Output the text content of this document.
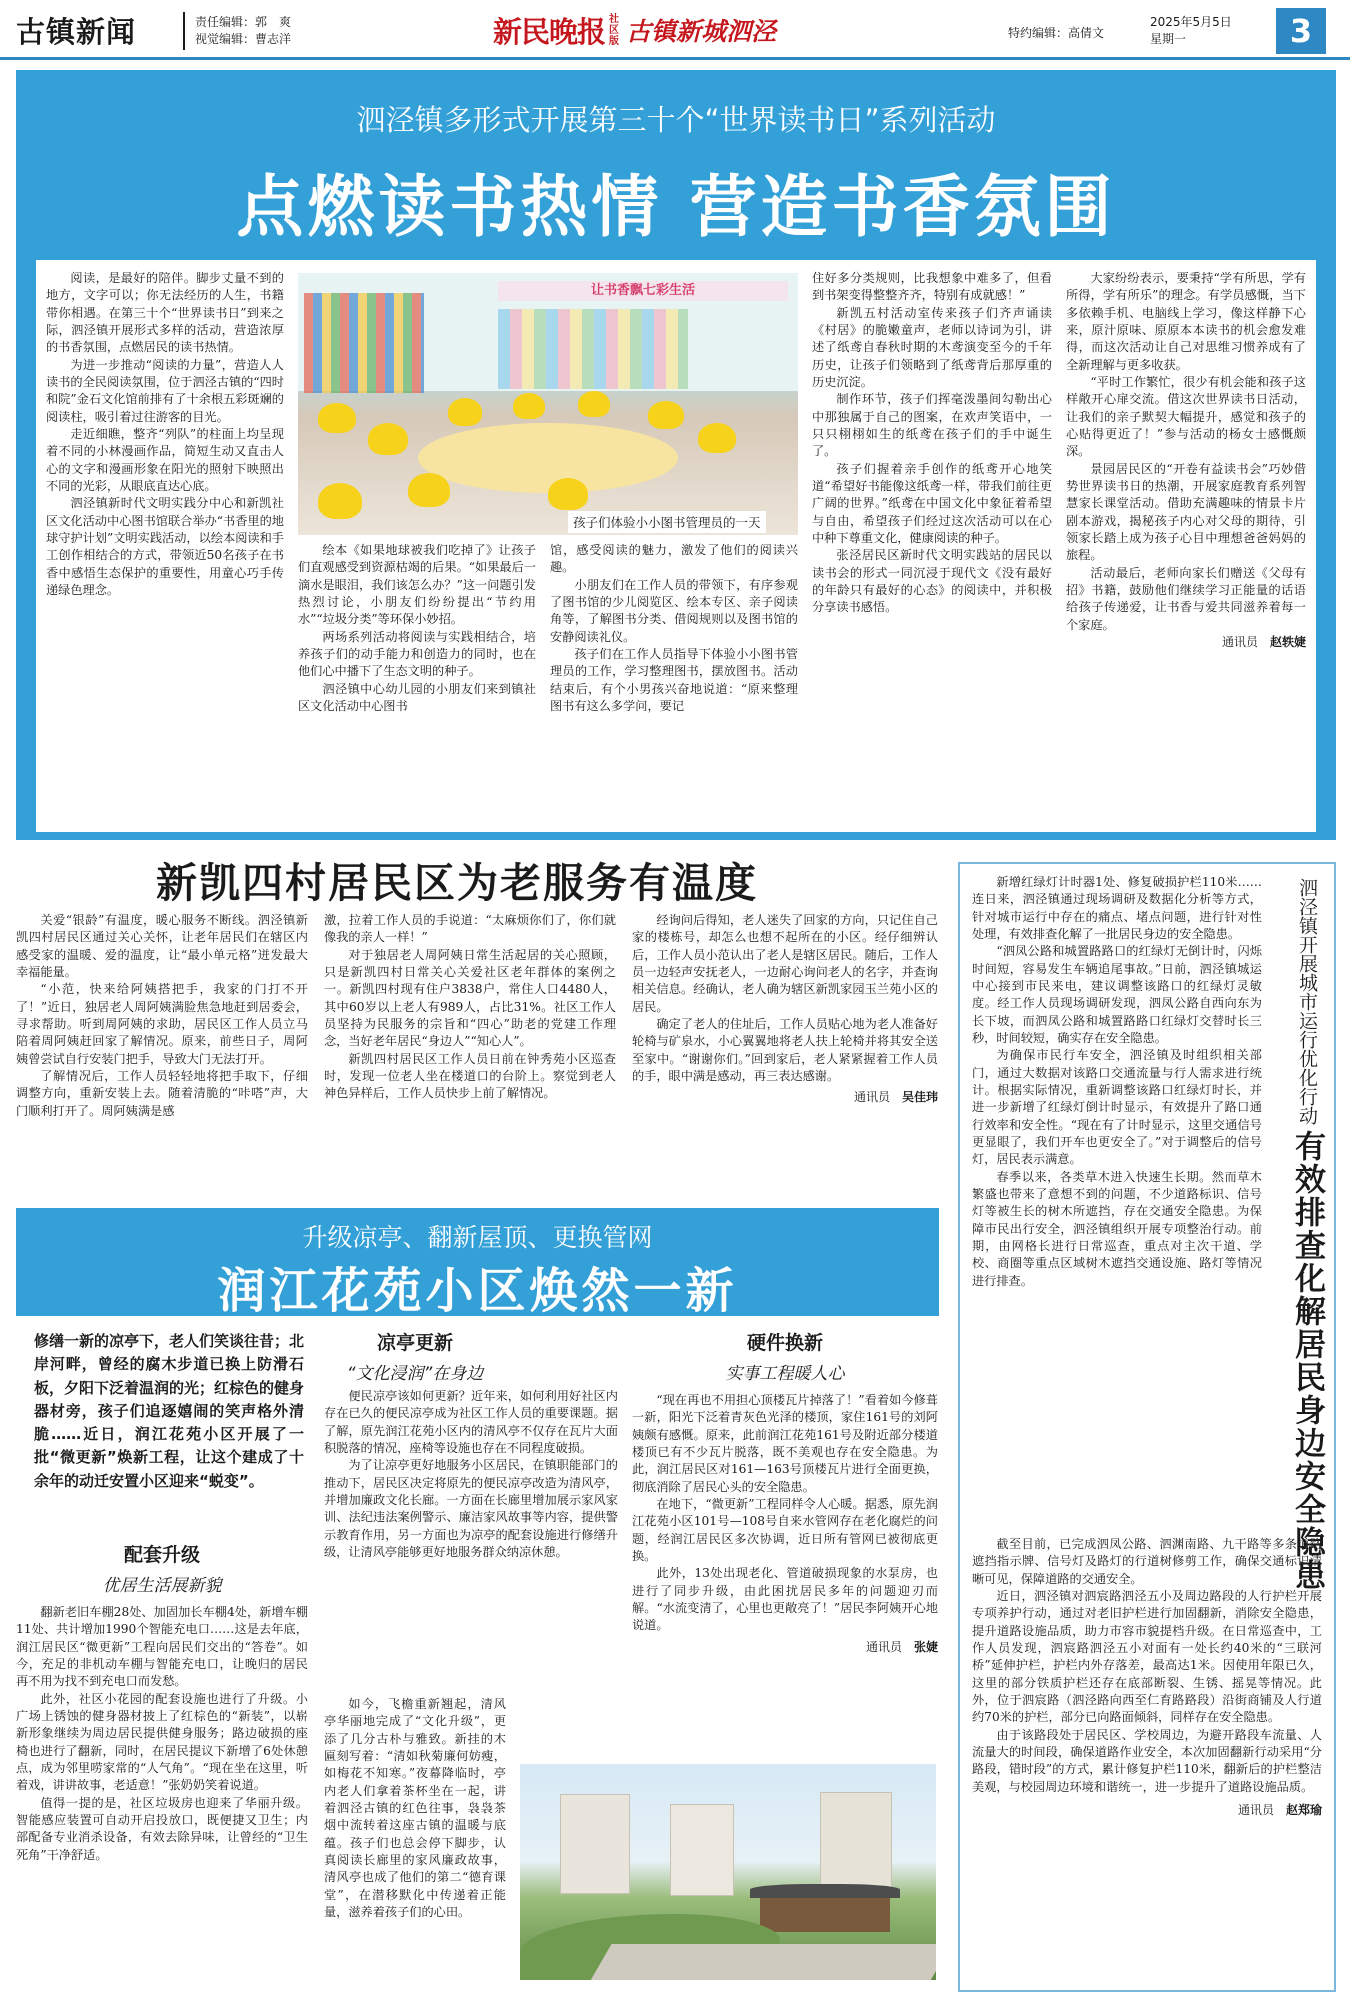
古镇新闻	责任编辑：郭　爽
视觉编辑：曹志洋	新民晚报 社区版 古镇新城泗泾	特约编辑：高倩文
2025年5月5日
星期一	3
泗泾镇多形式开展第三十个“世界读书日”系列活动
点燃读书热情 营造书香氛围

阅读，是最好的陪伴。脚步丈量不到的地方，文字可以；你无法经历的人生，书籍带你相遇。在第三十个“世界读书日”到来之际，泗泾镇开展形式多样的活动，营造浓厚的书香氛围，点燃居民的读书热情。

为进一步推动“阅读的力量”，营造人人读书的全民阅读氛围，位于泗泾古镇的“四时和院”金石文化馆前排有了十余根五彩斑斓的阅读柱，吸引着过往游客的目光。

走近细瞧，整齐“列队”的柱面上均呈现着不同的小林漫画作品，简短生动又直击人心的文字和漫画形象在阳光的照射下映照出不同的光彩，从眼底直达心底。

泗泾镇新时代文明实践分中心和新凯社区文化活动中心图书馆联合举办“书香里的地球守护计划”文明实践活动，以绘本阅读和手工创作相结合的方式，带领近50名孩子在书香中感悟生态保护的重要性，用童心巧手传递绿色理念。

让书香飘七彩生活
孩子们体验小小图书管理员的一天

绘本《如果地球被我们吃掉了》让孩子们直观感受到资源枯竭的后果。“如果最后一滴水是眼泪，我们该怎么办？”这一问题引发热烈讨论，小朋友们纷纷提出“节约用水”“垃圾分类”等环保小妙招。

两场系列活动将阅读与实践相结合，培养孩子们的动手能力和创造力的同时，也在他们心中播下了生态文明的种子。

泗泾镇中心幼儿园的小朋友们来到镇社区文化活动中心图书

馆，感受阅读的魅力，激发了他们的阅读兴趣。

小朋友们在工作人员的带领下，有序参观了图书馆的少儿阅览区、绘本专区、亲子阅读角等，了解图书分类、借阅规则以及图书馆的安静阅读礼仪。

孩子们在工作人员指导下体验小小图书管理员的工作，学习整理图书，摆放图书。活动结束后，有个小男孩兴奋地说道：“原来整理图书有这么多学问，要记

住好多分类规则，比我想象中难多了，但看到书架变得整整齐齐，特别有成就感！”

新凯五村活动室传来孩子们齐声诵读《村居》的脆嫩童声，老师以诗词为引，讲述了纸鸢自春秋时期的木鸢演变至今的千年历史，让孩子们领略到了纸鸢背后那厚重的历史沉淀。

制作环节，孩子们挥毫泼墨间勾勒出心中那独属于自己的图案，在欢声笑语中，一只只栩栩如生的纸鸢在孩子们的手中诞生了。

孩子们握着亲手创作的纸鸢开心地笑道“希望好书能像这纸鸢一样，带我们前往更广阔的世界。”纸鸢在中国文化中象征着希望与自由，希望孩子们经过这次活动可以在心中种下尊重文化，健康阅读的种子。

张泾居民区新时代文明实践站的居民以读书会的形式一同沉浸于现代文《没有最好的年龄只有最好的心态》的阅读中，并积极分享读书感悟。

大家纷纷表示，要秉持“学有所思，学有所得，学有所乐”的理念。有学员感慨，当下多依赖手机、电脑线上学习，像这样静下心来，原汁原味、原原本本读书的机会愈发难得，而这次活动让自己对思维习惯养成有了全新理解与更多收获。

“平时工作繁忙，很少有机会能和孩子这样敞开心扉交流。借这次世界读书日活动，让我们的亲子默契大幅提升，感觉和孩子的心贴得更近了！”参与活动的杨女士感慨颇深。

景园居民区的“开卷有益读书会”巧妙借势世界读书日的热潮，开展家庭教育系列智慧家长课堂活动。借助充满趣味的情景卡片剧本游戏，揭秘孩子内心对父母的期待，引领家长踏上成为孩子心目中理想爸爸妈妈的旅程。

活动最后，老师向家长们赠送《父母有招》书籍，鼓励他们继续学习正能量的话语给孩子传递爱，让书香与爱共同滋养着每一个家庭。

通讯员　 赵轶婕
新凯四村居民区为老服务有温度

关爱“银龄”有温度，暖心服务不断线。泗泾镇新凯四村居民区通过关心关怀，让老年居民们在辖区内感受家的温暖、爱的温度，让“最小单元格”迸发最大幸福能量。

“小范，快来给阿姨搭把手，我家的门打不开了！”近日，独居老人周阿姨满脸焦急地赶到居委会，寻求帮助。听到周阿姨的求助，居民区工作人员立马陪着周阿姨赶回家了解情况。原来，前些日子，周阿姨曾尝试自行安装门把手，导致大门无法打开。

了解情况后，工作人员轻轻地将把手取下，仔细调整方向，重新安装上去。随着清脆的“咔嗒”声，大门顺利打开了。周阿姨满是感

激，拉着工作人员的手说道：“太麻烦你们了，你们就像我的亲人一样！”

对于独居老人周阿姨日常生活起居的关心照顾，只是新凯四村日常关心关爱社区老年群体的案例之一。新凯四村现有住户3838户，常住人口4480人，其中60岁以上老人有989人，占比31%。社区工作人员坚持为民服务的宗旨和“四心”助老的党建工作理念，当好老年居民“身边人”“知心人”。

新凯四村居民区工作人员日前在钟秀苑小区巡查时，发现一位老人坐在楼道口的台阶上。察觉到老人神色异样后，工作人员快步上前了解情况。

经询问后得知，老人迷失了回家的方向，只记住自己家的楼栋号，却怎么也想不起所在的小区。经仔细辨认后，工作人员小范认出了老人是辖区居民。随后，工作人员一边轻声安抚老人，一边耐心询问老人的名字，并查询相关信息。经确认，老人确为辖区新凯家园玉兰苑小区的居民。

确定了老人的住址后，工作人员贴心地为老人准备好轮椅与矿泉水，小心翼翼地将老人扶上轮椅并将其安全送至家中。“谢谢你们。”回到家后，老人紧紧握着工作人员的手，眼中满是感动，再三表达感谢。

通讯员　 吴佳玮	泗泾镇开展城市运行优化行动 有效排查化解居民身边安全隐患

新增红绿灯计时器1处、修复破损护栏110米……连日来，泗泾镇通过现场调研及数据化分析等方式，针对城市运行中存在的痛点、堵点问题，进行针对性处理，有效排查化解了一批居民身边的安全隐患。

“泗凤公路和城置路路口的红绿灯无倒计时，闪烁时间短，容易发生车辆追尾事故。”日前，泗泾镇城运中心接到市民来电，建议调整该路口的红绿灯灵敏度。经工作人员现场调研发现，泗凤公路自西向东为长下坡，而泗凤公路和城置路路口红绿灯交替时长三秒，时间较短，确实存在安全隐患。

为确保市民行车安全，泗泾镇及时组织相关部门，通过大数据对该路口交通流量与行人需求进行统计。根据实际情况，重新调整该路口红绿灯时长，并进一步新增了红绿灯倒计时显示，有效提升了路口通行效率和安全性。“现在有了计时显示，这里交通信号更显眼了，我们开车也更安全了。”对于调整后的信号灯，居民表示满意。

春季以来，各类草木进入快速生长期。然而草木繁盛也带来了意想不到的问题，不少道路标识、信号灯等被生长的树木所遮挡，存在交通安全隐患。为保障市民出行安全，泗泾镇组织开展专项整治行动。前期，由网格长进行日常巡查，重点对主次干道、学校、商圈等重点区域树木遮挡交通设施、路灯等情况进行排查。

截至目前，已完成泗凤公路、泗渊南路、九干路等多条道路遮挡指示牌、信号灯及路灯的行道树修剪工作，确保交通标识清晰可见，保障道路的交通安全。

近日，泗泾镇对泗宸路泗泾五小及周边路段的人行护栏开展专项养护行动，通过对老旧护栏进行加固翻新，消除安全隐患，提升道路设施品质，助力市容市貌提档升级。在日常巡查中，工作人员发现，泗宸路泗泾五小对面有一处长约40米的“三联河桥”延伸护栏，护栏内外存落差，最高达1米。因使用年限已久，这里的部分铁质护栏还存在底部断裂、生锈、摇晃等情况。此外，位于泗宸路（泗泾路向西至仁育路路段）沿街商铺及人行道约70米的护栏，部分已向路面倾斜，同样存在安全隐患。

由于该路段处于居民区、学校周边，为避开路段车流量、人流量大的时间段，确保道路作业安全，本次加固翻新行动采用“分路段，错时段”的方式，累计修复护栏110米，翻新后的护栏整洁美观，与校园周边环境和谐统一，进一步提升了道路设施品质。

通讯员　 赵郑瑜
升级凉亭、翻新屋顶、更换管网
润江花苑小区焕然一新
修缮一新的凉亭下，老人们笑谈往昔；北岸河畔，曾经的腐木步道已换上防滑石板，夕阳下泛着温润的光；红棕色的健身器材旁，孩子们追逐嬉闹的笑声格外清脆……近日，润江花苑小区开展了一批“微更新”焕新工程，让这个建成了十余年的动迁安置小区迎来“蜕变”。
配套升级
优居生活展新貌

翻新老旧车棚28处、加固加长车棚4处，新增车棚11处、共计增加1990个智能充电口……这是去年底，润江居民区“微更新”工程向居民们交出的“答卷”。如今，充足的非机动车棚与智能充电口，让晚归的居民再不用为找不到充电口而发愁。

此外，社区小花园的配套设施也进行了升级。小广场上锈蚀的健身器材披上了红棕色的“新装”，以崭新形象继续为周边居民提供健身服务；路边破损的座椅也进行了翻新，同时，在居民提议下新增了6处休憩点，成为邻里唠家常的“人气角”。“现在坐在这里，听着戏，讲讲故事，老适意！”张奶奶笑着说道。

值得一提的是，社区垃圾房也迎来了华丽升级。智能感应装置可自动开启投放口，既便捷又卫生；内部配备专业消杀设备，有效去除异味，让曾经的“卫生死角”干净舒适。

凉亭更新
“文化浸润”在身边

便民凉亭该如何更新？近年来，如何利用好社区内存在已久的便民凉亭成为社区工作人员的重要课题。据了解，原先润江花苑小区内的清风亭不仅存在瓦片大面积脱落的情况，座椅等设施也存在不同程度破损。

为了让凉亭更好地服务小区居民，在镇职能部门的推动下，居民区决定将原先的便民凉亭改造为清风亭，并增加廉政文化长廊。一方面在长廊里增加展示家风家训、法纪违法案例警示、廉洁家风故事等内容，提供警示教育作用，另一方面也为凉亭的配套设施进行修缮升级，让清风亭能够更好地服务群众纳凉休憩。

如今，飞檐重新翘起，清风亭华丽地完成了“文化升级”，更添了几分古朴与雅致。新挂的木匾刻写着：“清如秋菊廉何妨瘦，如梅花不知寒。”夜幕降临时，亭内老人们拿着茶杯坐在一起，讲着泗泾古镇的红色往事，袅袅茶烟中流转着这座古镇的温暖与底蕴。孩子们也总会停下脚步，认真阅读长廊里的家风廉政故事，清风亭也成了他们的第二“德育课堂”，在潜移默化中传递着正能量，滋养着孩子们的心田。

硬件换新
实事工程暖人心

“现在再也不用担心顶楼瓦片掉落了！”看着如今修葺一新，阳光下泛着青灰色光泽的楼顶，家住161号的刘阿姨颇有感慨。原来，此前润江花苑161号及附近部分楼道楼顶已有不少瓦片脱落，既不美观也存在安全隐患。为此，润江居民区对161—163号顶楼瓦片进行全面更换，彻底消除了居民心头的安全隐患。

在地下，“微更新”工程同样令人心暖。据悉，原先润江花苑小区101号—108号自来水管网存在老化腐烂的问题，经润江居民区多次协调，近日所有管网已被彻底更换。

此外，13处出现老化、管道破损现象的水泵房，也进行了同步升级，由此困扰居民多年的问题迎刃而解。“水流变清了，心里也更敞亮了！”居民李阿姨开心地说道。

通讯员　 张婕
